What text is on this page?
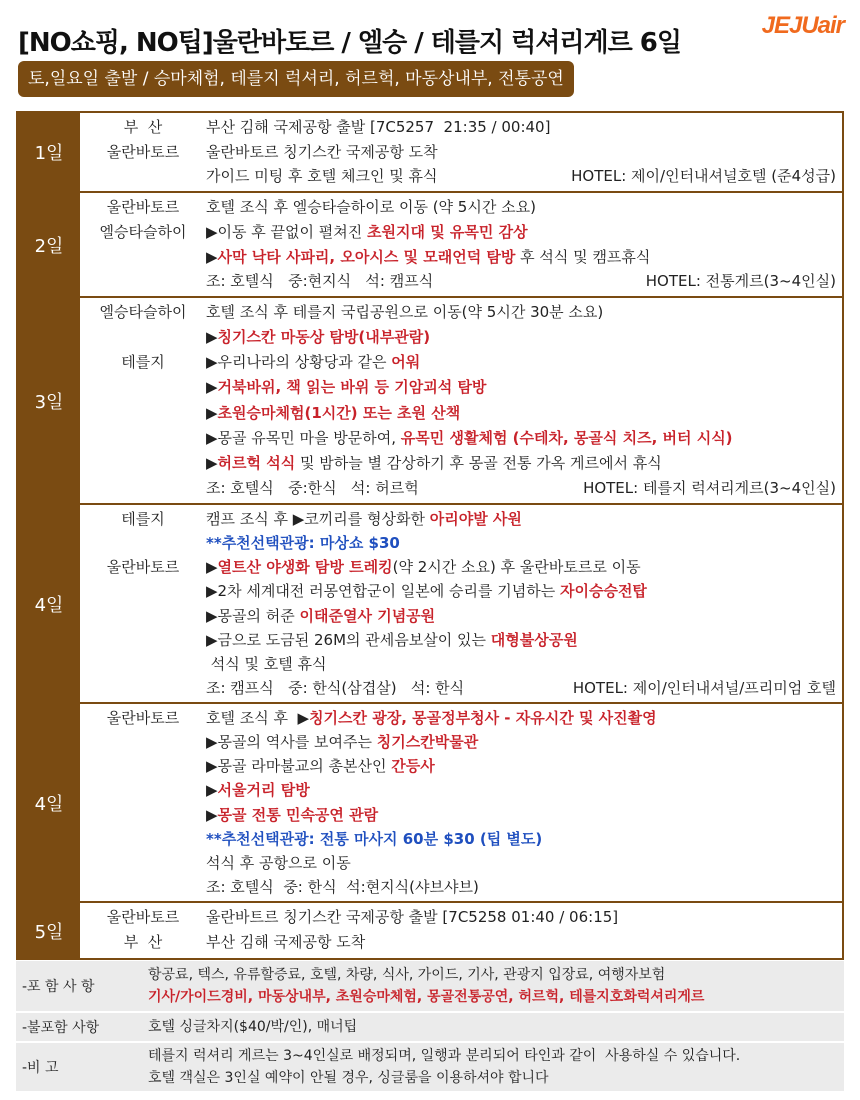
[NO쇼핑, NO팁]울란바토르 / 엘승 / 테를지 럭셔리게르 6일
JEJUair
토,일요일 출발 / 승마체험, 테를지 럭셔리, 허르헉, 마동상내부, 전통공연
1일
부  산	부산 김해 국제공항 출발 [7C5257  21:35 / 00:40]
울란바토르	울란바토르 칭기스칸 국제공항 도착
가이드 미팅 후 호텔 체크인 및 휴식	HOTEL: 제이/인터내셔널호텔 (준4성급)
2일
울란바토르	호텔 조식 후 엘승타슬하이로 이동 (약 5시간 소요)
엘승타슬하이	▶이동 후 끝없이 펼쳐진 초원지대 및 유목민 감상
▶ 사막 낙타 사파리, 오아시스 및 모래언덕 탐방 후 석식 및 캠프휴식
조: 호텔식   중:현지식   석: 캠프식	HOTEL: 전통게르(3~4인실)
3일
엘승타슬하이	호텔 조식 후 테를지 국립공원으로 이동(약 5시간 30분 소요)
▶ 칭기스칸 마동상 탐방(내부관람)
테를지	▶우리나라의 상황당과 같은 어워
▶ 거북바위, 책 읽는 바위 등 기암괴석 탐방
▶ 초원승마체험(1시간) 또는 초원 산책
▶몽골 유목민 마을 방문하여, 유목민 생활체험 (수테차, 몽골식 치즈, 버터 시식)
▶ 허르헉 석식 및 밤하늘 별 감상하기 후 몽골 전통 가옥 게르에서 휴식
조: 호텔식   중:한식   석: 허르헉	HOTEL: 테를지 럭셔리게르(3~4인실)
4일
테를지	캠프 조식 후 ▶코끼리를 형상화한 아리야발 사원
**추천선택관광: 마상쇼 $30
울란바토르	▶ 열트산 야생화 탐방 트레킹 (약 2시간 소요) 후 울란바토르로 이동
▶2차 세계대전 러몽연합군이 일본에 승리를 기념하는 자이승승전탑
▶몽골의 허준 이태준열사 기념공원
▶금으로 도금된 26M의 관세음보살이 있는 대형불상공원
석식 및 호텔 휴식
조: 캠프식   중: 한식(삼겹살)   석: 한식	HOTEL: 제이/인터내셔널/프리미엄 호텔
4일
울란바토르	호텔 조식 후  ▶ 칭기스칸 광장, 몽골정부청사 - 자유시간 및 사진촬영
▶몽골의 역사를 보여주는 칭기스칸박물관
▶몽골 라마불교의 총본산인 간등사
▶ 서울거리 탐방
▶ 몽골 전통 민속공연 관람
**추천선택관광: 전통 마사지 60분 $30 (팁 별도)
석식 후 공항으로 이동
조: 호텔식  중: 한식  석:현지식(샤브샤브)
5일
울란바토르	울란바트르 칭기스칸 국제공항 출발 [7C5258 01:40 / 06:15]
부  산	부산 김해 국제공항 도착
-포 함 사 항
항공료, 텍스, 유류할증료, 호텔, 차량, 식사, 가이드, 기사, 관광지 입장료, 여행자보험
기사/가이드경비, 마동상내부, 초원승마체험, 몽골전통공연, 허르헉, 테를지호화럭셔리게르
-불포함 사항	호텔 싱글차지($40/박/인), 매너팁
-비 고
테를지 럭셔리 게르는 3~4인실로 배정되며, 일행과 분리되어 타인과 같이  사용하실 수 있습니다.
호텔 객실은 3인실 예약이 안될 경우, 싱글룸을 이용하셔야 합니다
